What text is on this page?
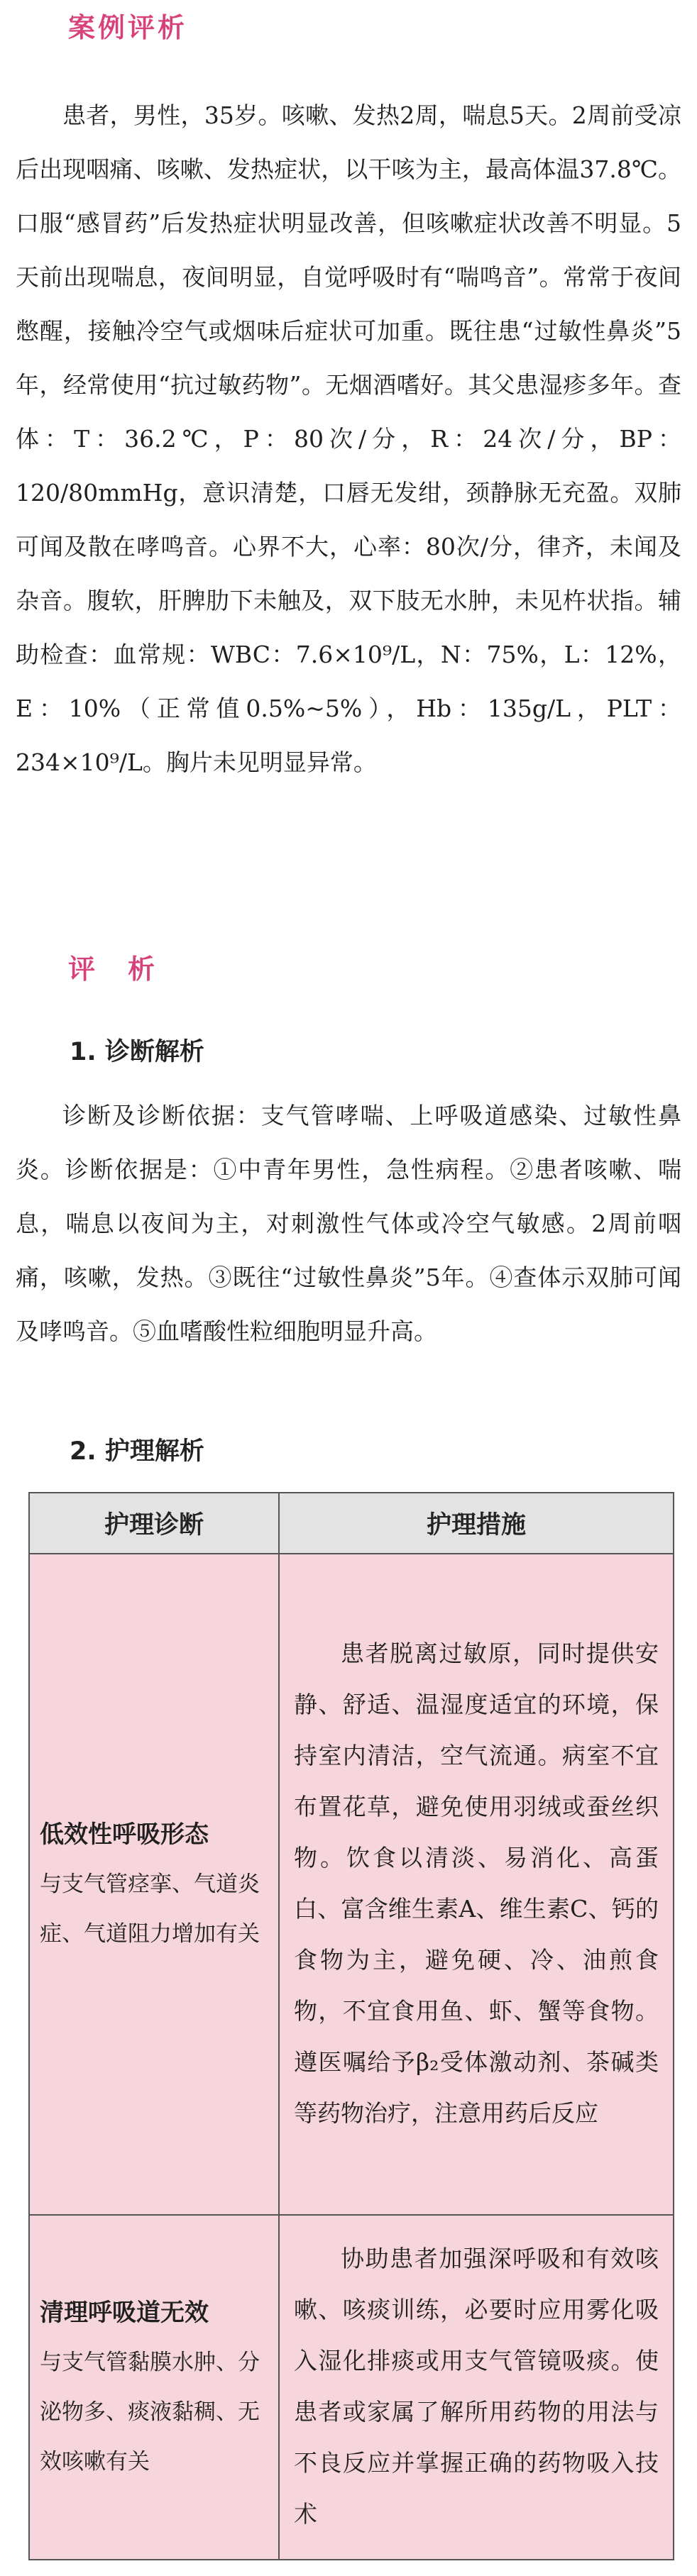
案例评析

患者，男性，35岁。咳嗽、发热2周，喘息5天。2周前受凉后出现咽痛、咳嗽、发热症状，以干咳为主，最高体温37.8℃。口服“感冒药”后发热症状明显改善，但咳嗽症状改善不明显。5天前出现喘息，夜间明显，自觉呼吸时有“喘鸣音”。常常于夜间憋醒，接触冷空气或烟味后症状可加重。既往患“过敏性鼻炎”5年，经常使用“抗过敏药物”。无烟酒嗜好。其父患湿疹多年。查体：T：36.2℃，P：80次/分，R：24次/分，BP：120/80mmHg，意识清楚，口唇无发绀，颈静脉无充盈。双肺可闻及散在哮鸣音。心界不大，心率：80次/分，律齐，未闻及杂音。腹软，肝脾肋下未触及，双下肢无水肿，未见杵状指。辅助检查：血常规：WBC：7.6×10⁹/L，N：75%，L：12%，E：10%（正常值0.5%~5%），Hb：135g/L，PLT：234×10⁹/L。胸片未见明显异常。

评　析
1. 诊断解析

诊断及诊断依据：支气管哮喘、上呼吸道感染、过敏性鼻炎。诊断依据是：①中青年男性，急性病程。②患者咳嗽、喘息，喘息以夜间为主，对刺激性气体或冷空气敏感。2周前咽痛，咳嗽，发热。③既往“过敏性鼻炎”5年。④查体示双肺可闻及哮鸣音。⑤血嗜酸性粒细胞明显升高。

2. 护理解析
护理诊断	护理措施

低效性呼吸形态
与支气管痉挛、气道炎症、气道阻力增加有关	患者脱离过敏原，同时提供安静、舒适、温湿度适宜的环境，保持室内清洁，空气流通。病室不宜布置花草，避免使用羽绒或蚕丝织物。饮食以清淡、易消化、高蛋白、富含维生素A、维生素C、钙的食物为主，避免硬、冷、油煎食物，不宜食用鱼、虾、蟹等食物。遵医嘱给予β₂受体激动剂、茶碱类等药物治疗，注意用药后反应

清理呼吸道无效
与支气管黏膜水肿、分泌物多、痰液黏稠、无效咳嗽有关	协助患者加强深呼吸和有效咳嗽、咳痰训练，必要时应用雾化吸入湿化排痰或用支气管镜吸痰。使患者或家属了解所用药物的用法与不良反应并掌握正确的药物吸入技术
